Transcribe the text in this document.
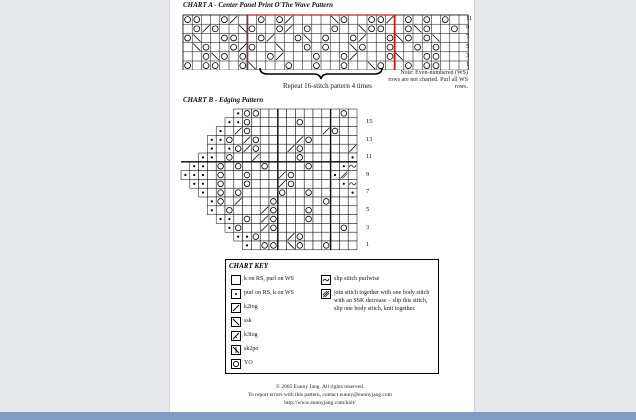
CHART A - Center Panel Print O'The Wave Pattern
11
9
7
5
3
1
Note: Even-numbered (WS) rows are not charted. Purl all WS rows.
Repeat 16-stitch pattern 4 times
CHART B - Edging Pattern
15
13
11
9
7
5
3
1
CHART KEY
k on RS, purl on WS
purl on RS, k on WS
k2tog
ssk
k3tog
sk2po
YO
slip stitch purlwise
join stitch together with one body stitch with an SSK decrease – slip this stitch, slip one body stitch, knit together.
© 2005 Eunny Jang. All rights reserved.
To report errors with this pattern, contact eunny@eunnyjang.com
http://www.eunnyjang.com/knit/
